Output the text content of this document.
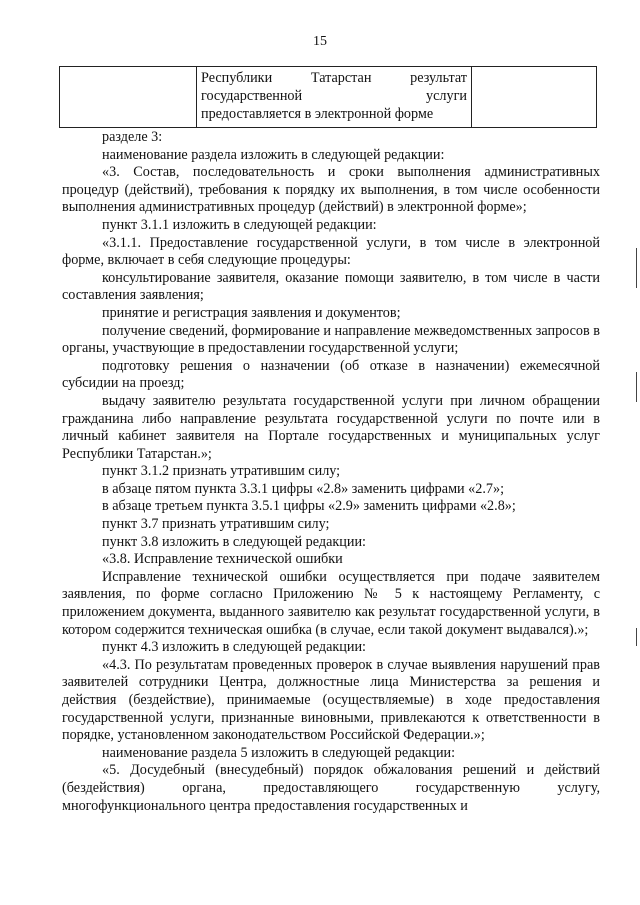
15
Республики Татарстан результат
государственной услуги
предоставляется в электронной форме

разделе 3:

наименование раздела изложить в следующей редакции:

«3. Состав, последовательность и сроки выполнения административных процедур (действий), требования к порядку их выполнения, в том числе особенности выполнения административных процедур (действий) в электронной форме»;

пункт 3.1.1 изложить в следующей редакции:

«3.1.1. Предоставление государственной услуги, в том числе в электронной форме, включает в себя следующие процедуры:

консультирование заявителя, оказание помощи заявителю, в том числе в части составления заявления;

принятие и регистрация заявления и документов;

получение сведений, формирование и направление межведомственных запросов в органы, участвующие в предоставлении государственной услуги;

подготовку решения о назначении (об отказе в назначении) ежемесячной субсидии на проезд;

выдачу заявителю результата государственной услуги при личном обращении гражданина либо направление результата государственной услуги по почте или в личный кабинет заявителя на Портале государственных и муниципальных услуг Республики Татарстан.»;

пункт 3.1.2 признать утратившим силу;

в абзаце пятом пункта 3.3.1 цифры «2.8» заменить цифрами «2.7»;

в абзаце третьем пункта 3.5.1 цифры «2.9» заменить цифрами «2.8»;

пункт 3.7 признать утратившим силу;

пункт 3.8 изложить в следующей редакции:

«3.8. Исправление технической ошибки

Исправление технической ошибки осуществляется при подаче заявителем заявления, по форме согласно Приложению № 5 к настоящему Регламенту, с приложением документа, выданного заявителю как результат государственной услуги, в котором содержится техническая ошибка (в случае, если такой документ выдавался).»;

пункт 4.3 изложить в следующей редакции:

«4.3. По результатам проведенных проверок в случае выявления нарушений прав заявителей сотрудники Центра, должностные лица Министерства за решения и действия (бездействие), принимаемые (осуществляемые) в ходе предоставления государственной услуги, признанные виновными, привлекаются к ответственности в порядке, установленном законодательством Российской Федерации.»;

наименование раздела 5 изложить в следующей редакции:

«5. Досудебный (внесудебный) порядок обжалования решений и действий (бездействия) органа, предоставляющего государственную услугу, многофункционального центра предоставления государственных и
